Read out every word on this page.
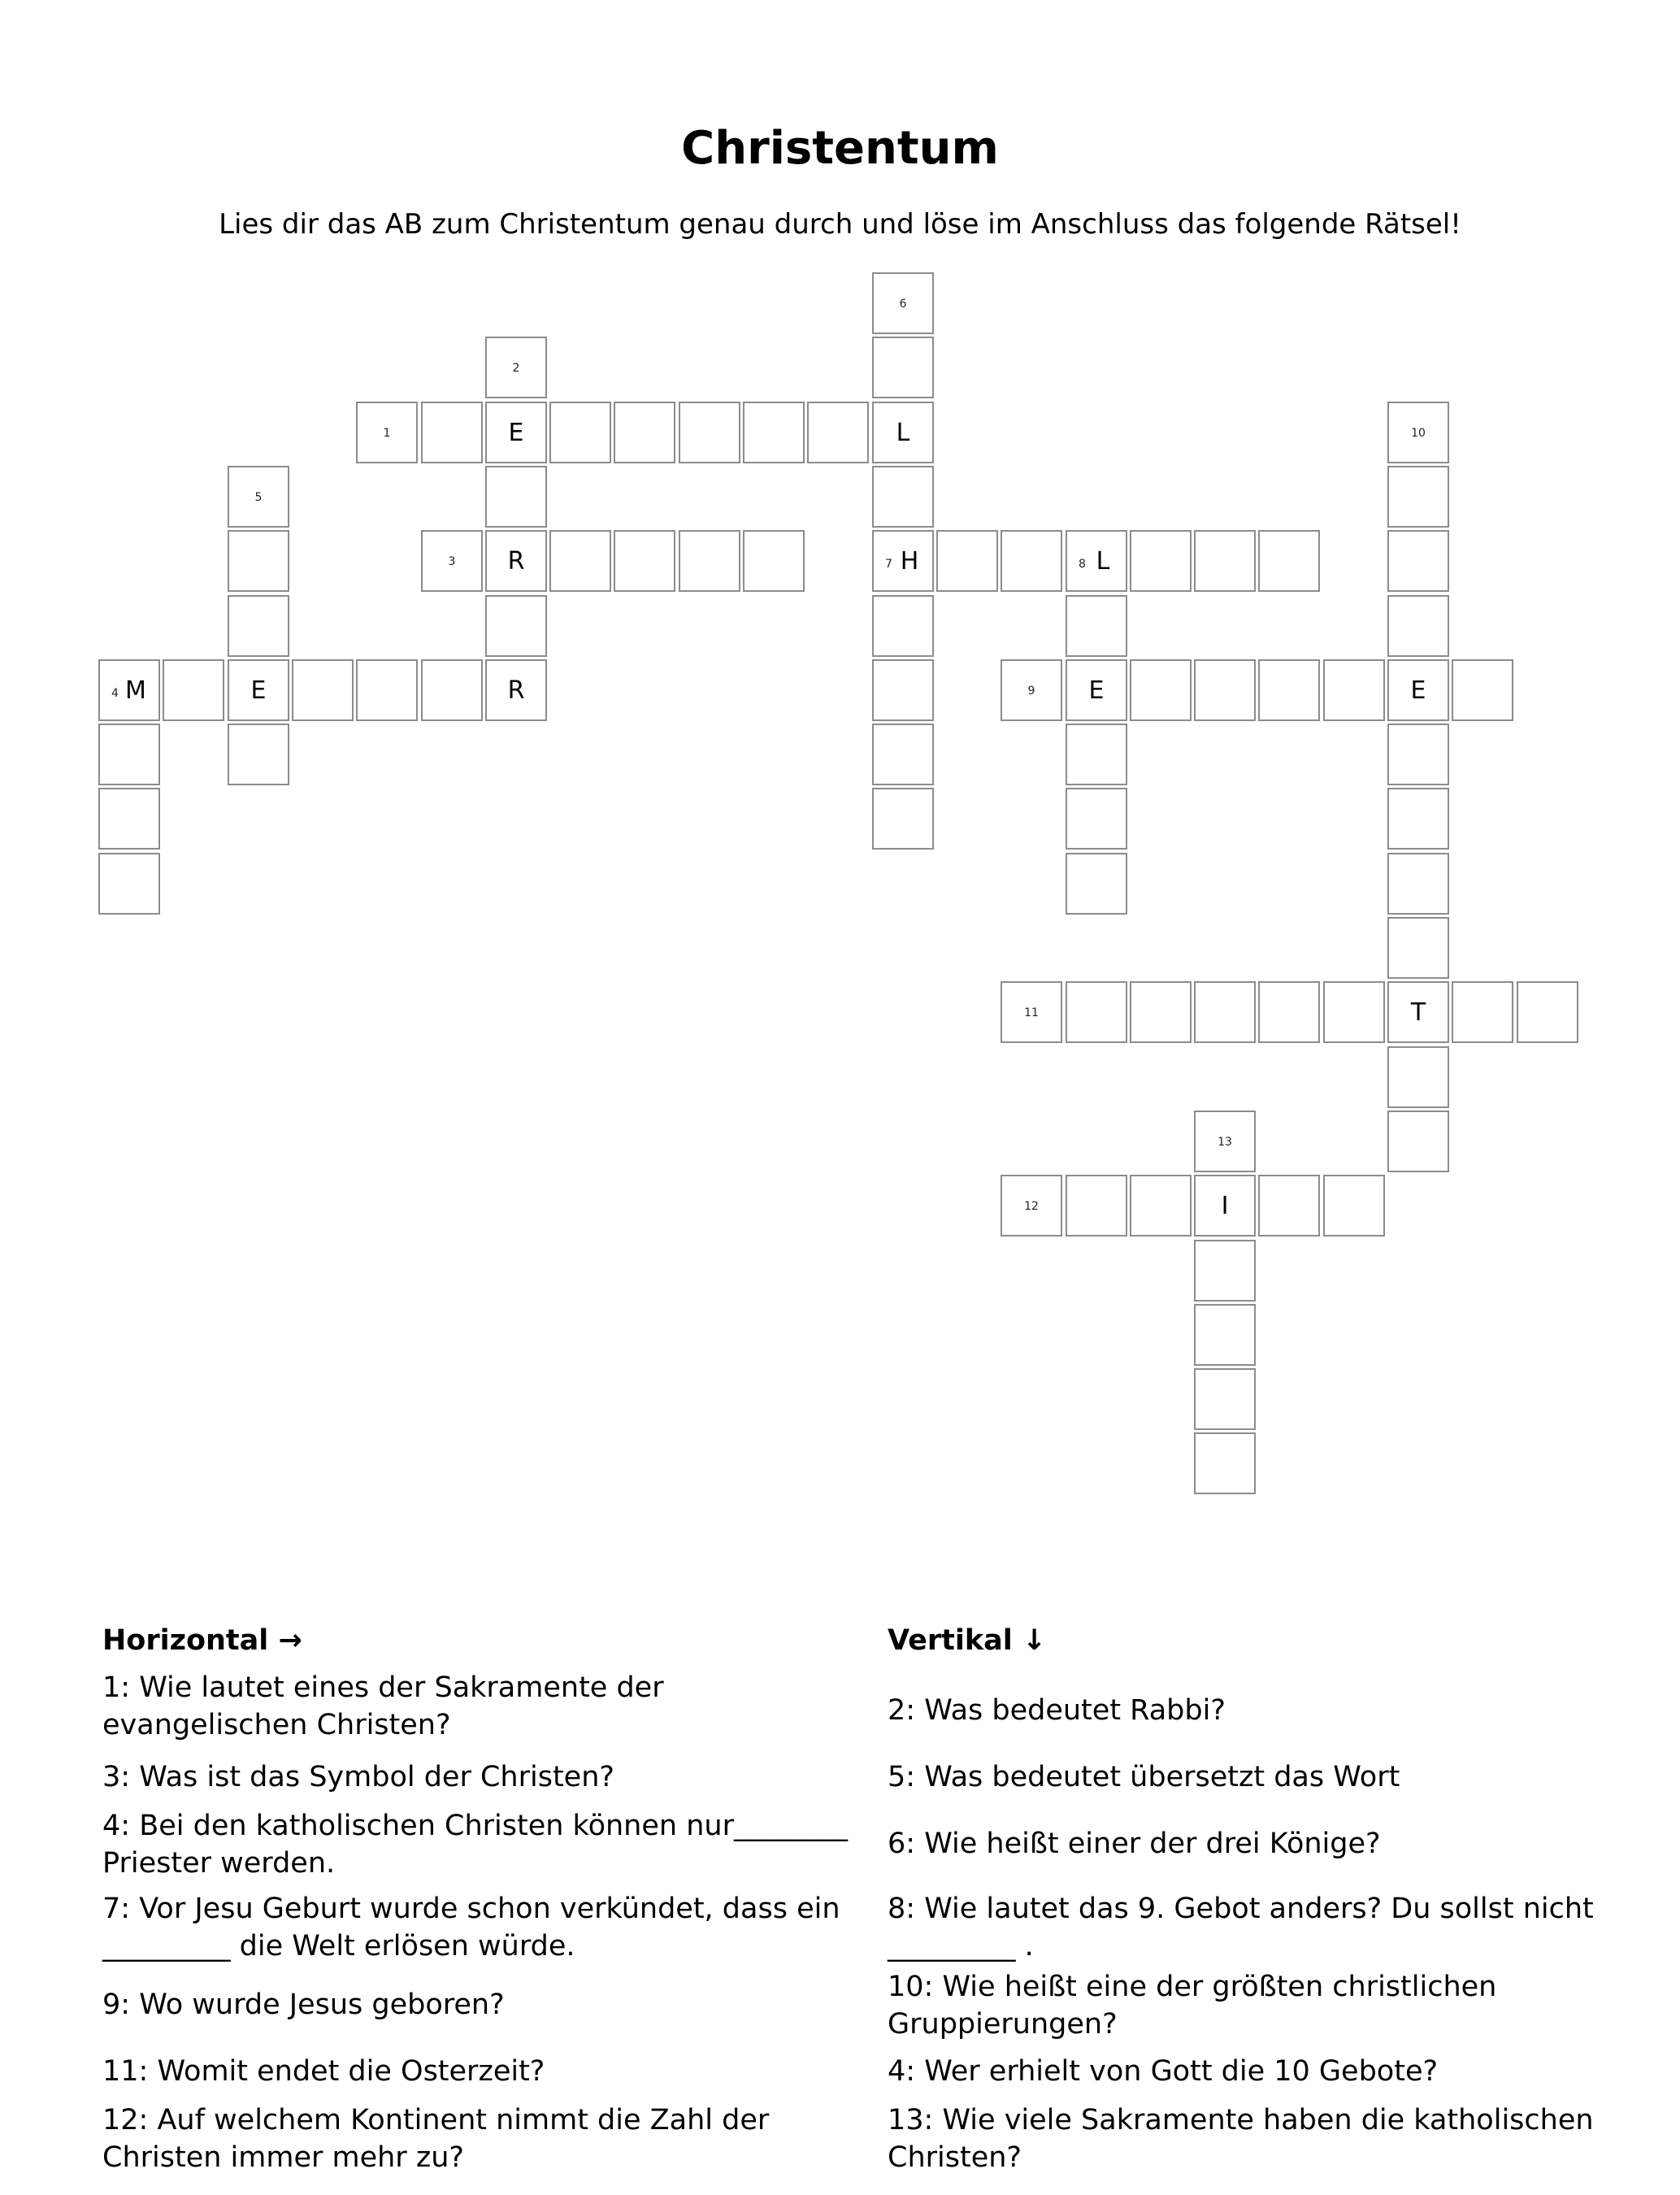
Christentum
Lies dir das AB zum Christentum genau durch und löse im Anschluss das folgende Rätsel!
6
2
1	E	L	10
5
3	R	7 H	8 L
4 M	E	R	9	E	E
11	T
13
12	I
Horizontal →
1: Wie lautet eines der Sakramente der evangelischen Christen?
3: Was ist das Symbol der Christen?
4: Bei den katholischen Christen können nur________ Priester werden.
7: Vor Jesu Geburt wurde schon verkündet, dass ein _________ die Welt erlösen würde.
9: Wo wurde Jesus geboren?
11: Womit endet die Osterzeit?
12: Auf welchem Kontinent nimmt die Zahl der Christen immer mehr zu?
Vertikal ↓
2: Was bedeutet Rabbi?
5: Was bedeutet übersetzt das Wort
6: Wie heißt einer der drei Könige?
8: Wie lautet das 9. Gebot anders? Du sollst nicht _________ .
10: Wie heißt eine der größten christlichen Gruppierungen?
4: Wer erhielt von Gott die 10 Gebote?
13: Wie viele Sakramente haben die katholischen Christen?
